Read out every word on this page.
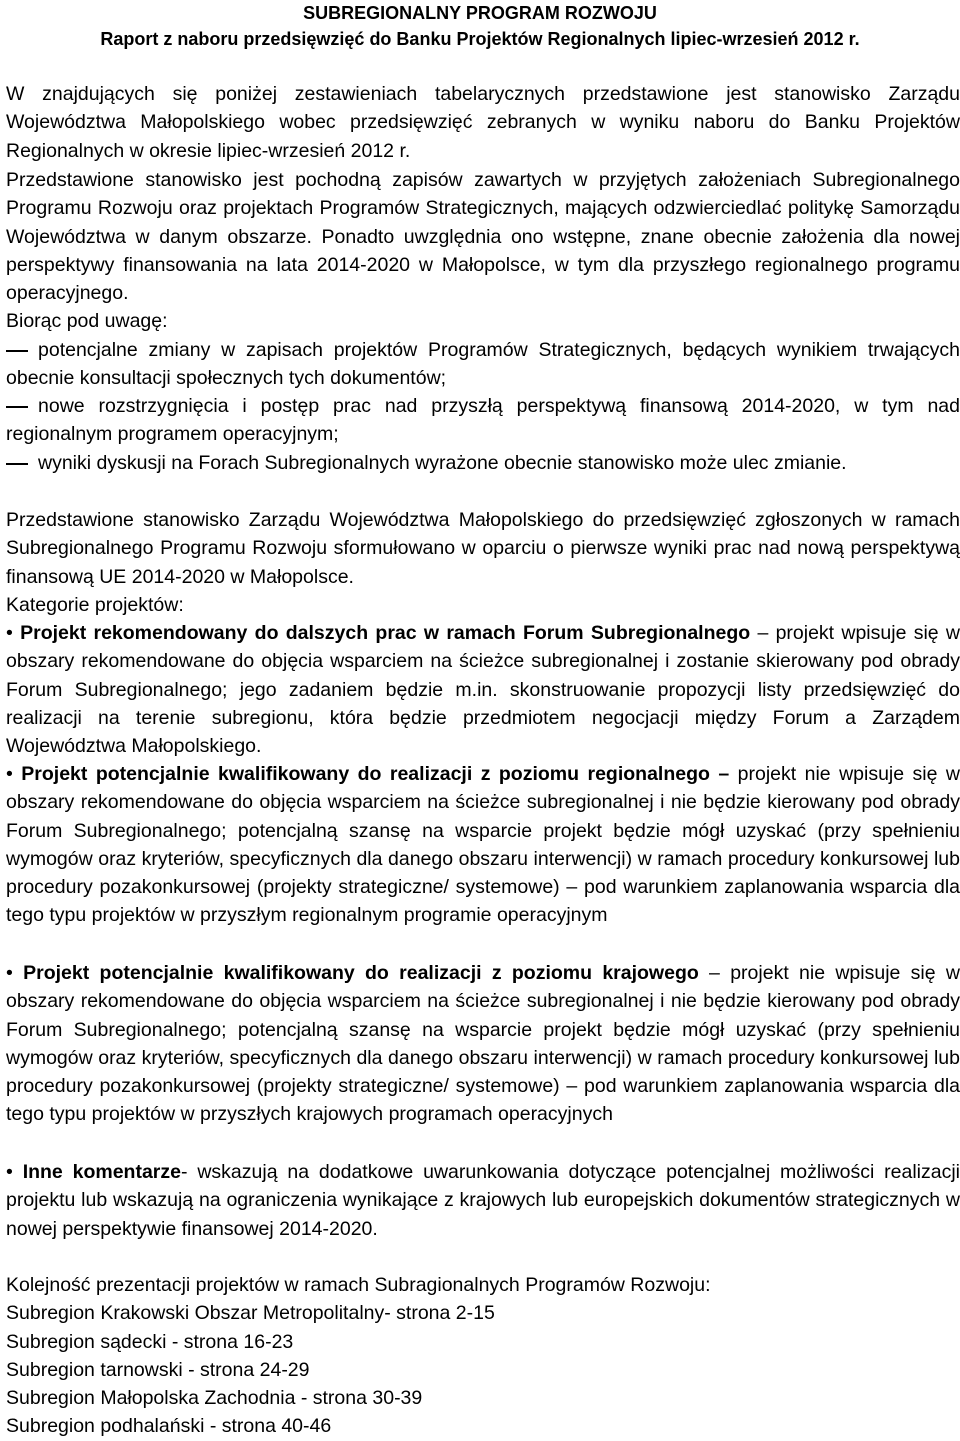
SUBREGIONALNY PROGRAM ROZWOJU
Raport z naboru przedsięwzięć do Banku Projektów Regionalnych lipiec-wrzesień 2012 r.

W znajdujących się poniżej zestawieniach tabelarycznych przedstawione jest stanowisko Zarządu Województwa Małopolskiego wobec przedsięwzięć zebranych w wyniku naboru do Banku Projektów Regionalnych w okresie lipiec-wrzesień 2012 r.

Przedstawione stanowisko jest pochodną zapisów zawartych w przyjętych założeniach Subregionalnego Programu Rozwoju oraz projektach Programów Strategicznych, mających odzwierciedlać politykę Samorządu Województwa w danym obszarze. Ponadto uwzględnia ono wstępne, znane obecnie założenia dla nowej perspektywy finansowania na lata 2014-2020 w Małopolsce, w tym dla przyszłego regionalnego programu operacyjnego.

Biorąc pod uwagę:

potencjalne zmiany w zapisach projektów Programów Strategicznych, będących wynikiem trwających obecnie konsultacji społecznych tych dokumentów;

nowe rozstrzygnięcia i postęp prac nad przyszłą perspektywą finansową 2014-2020, w tym nad regionalnym programem operacyjnym;

wyniki dyskusji na Forach Subregionalnych wyrażone obecnie stanowisko może ulec zmianie.

Przedstawione stanowisko Zarządu Województwa Małopolskiego do przedsięwzięć zgłoszonych w ramach Subregionalnego Programu Rozwoju sformułowano w oparciu o pierwsze wyniki prac nad nową perspektywą finansową UE 2014-2020 w Małopolsce.

Kategorie projektów:

• Projekt rekomendowany do dalszych prac w ramach Forum Subregionalnego – projekt wpisuje się w obszary rekomendowane do objęcia wsparciem na ścieżce subregionalnej i zostanie skierowany pod obrady Forum Subregionalnego; jego zadaniem będzie m.in. skonstruowanie propozycji listy przedsięwzięć do realizacji na terenie subregionu, która będzie przedmiotem negocjacji między Forum a Zarządem Województwa Małopolskiego.

• Projekt potencjalnie kwalifikowany do realizacji z poziomu regionalnego – projekt nie wpisuje się w obszary rekomendowane do objęcia wsparciem na ścieżce subregionalnej i nie będzie kierowany pod obrady Forum Subregionalnego; potencjalną szansę na wsparcie projekt będzie mógł uzyskać (przy spełnieniu wymogów oraz kryteriów, specyficznych dla danego obszaru interwencji) w ramach procedury konkursowej lub procedury pozakonkursowej (projekty strategiczne/ systemowe) – pod warunkiem zaplanowania wsparcia dla tego typu projektów w przyszłym regionalnym programie operacyjnym

• Projekt potencjalnie kwalifikowany do realizacji z poziomu krajowego – projekt nie wpisuje się w obszary rekomendowane do objęcia wsparciem na ścieżce subregionalnej i nie będzie kierowany pod obrady Forum Subregionalnego; potencjalną szansę na wsparcie projekt będzie mógł uzyskać (przy spełnieniu wymogów oraz kryteriów, specyficznych dla danego obszaru interwencji) w ramach procedury konkursowej lub procedury pozakonkursowej (projekty strategiczne/ systemowe) – pod warunkiem zaplanowania wsparcia dla tego typu projektów w przyszłych krajowych programach operacyjnych

• Inne komentarze- wskazują na dodatkowe uwarunkowania dotyczące potencjalnej możliwości realizacji projektu lub wskazują na ograniczenia wynikające z krajowych lub europejskich dokumentów strategicznych w nowej perspektywie finansowej 2014-2020.

Kolejność prezentacji projektów w ramach Subragionalnych Programów Rozwoju:
Subregion Krakowski Obszar Metropolitalny- strona 2-15
Subregion sądecki - strona 16-23
Subregion tarnowski - strona 24-29
Subregion Małopolska Zachodnia - strona 30-39
Subregion podhalański - strona 40-46
